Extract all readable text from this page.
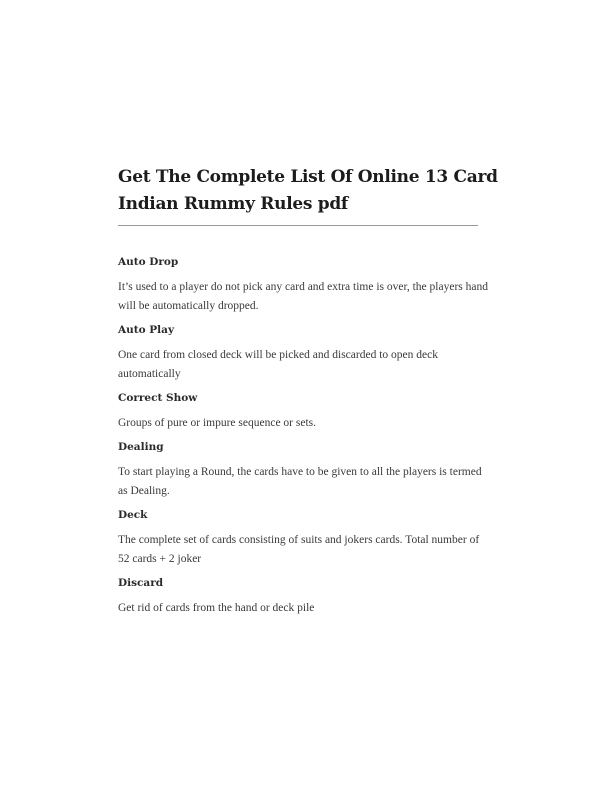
Get The Complete List Of Online 13 Card Indian Rummy Rules pdf

Auto Drop

It’s used to a player do not pick any card and extra time is over, the players hand will be automatically dropped.

Auto Play

One card from closed deck will be picked and discarded to open deck automatically

Correct Show

Groups of pure or impure sequence or sets.

Dealing

To start playing a Round, the cards have to be given to all the players is termed as Dealing.

Deck

The complete set of cards consisting of suits and jokers cards. Total number of 52 cards + 2 joker

Discard

Get rid of cards from the hand or deck pile
